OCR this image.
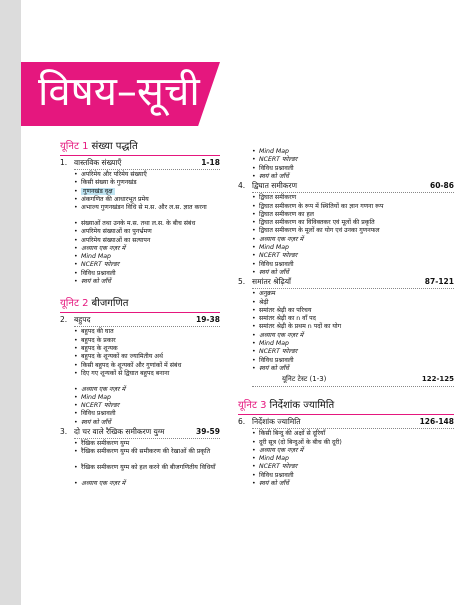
विषय–सूची
यूनिट 1 संख्या पद्धति
1. वास्तविक संख्याएँ	1-18
• अपरिमेय और परिमेय संख्याएँ
• किसी संख्या के गुणनखंड
• गुणनखंड वृक्ष
• अंकगणित की आधारभूत प्रमेय
• अभाज्य गुणनखंडन विधि से म.स. और ल.स. ज्ञात करना
• संख्याओं तथा उनके म.स. तथा ल.स. के बीच संबंध
• अपरिमेय संख्याओं का पुनर्भ्रमण
• अपरिमेय संख्याओं का सत्यापन
• अध्याय एक नज़र में
• Mind Map
• NCERT फोल्डर
• विविध प्रश्नावली
• स्वयं को जाँचें
यूनिट 2 बीजगणित
2. बहुपद	19-38
• बहुपद की घात
• बहुपद के प्रकार
• बहुपद के शून्यक
• बहुपद के शून्यकों का ज्यामितीय अर्थ
• किसी बहुपद के शून्यकों और गुणांकों में संबंध
• दिए गए शून्यकों से द्विघात बहुपद बनाना
• अध्याय एक नज़र में
• Mind Map
• NCERT फोल्डर
• विविध प्रश्नावली
• स्वयं को जाँचें
3. दो चर वाले रैखिक समीकरण युग्म	39-59
• रैखिक समीकरण युग्म
• रैखिक समीकरण युग्म की समीकरण की रेखाओं की प्रकृति
• रैखिक समीकरण युग्म को हल करने की बीजगणितीय विधियाँ
• अध्याय एक नज़र में
• Mind Map
• NCERT फोल्डर
• विविध प्रश्नावली
• स्वयं को जाँचें
4. द्विघात समीकरण	60-86
• द्विघात समीकरण
• द्विघात समीकरण के रूप में स्थितियों का ज्ञान गणना रूप
• द्विघात समीकरण का हल
• द्विघात समीकरण का विविक्तकर एवं मूलों की प्रकृति
• द्विघात समीकरण के मूलों का योग एवं उनका गुणनफल
• अध्याय एक नज़र में
• Mind Map
• NCERT फोल्डर
• विविध प्रश्नावली
• स्वयं को जाँचें
5. समांतर श्रेढ़ियाँ	87-121
• अनुक्रम
• श्रेढ़ी
• समांतर श्रेढ़ी का परिचय
• समांतर श्रेढ़ी का n वाँ पद
• समांतर श्रेढ़ी के प्रथम n पदों का योग
• अध्याय एक नज़र में
• Mind Map
• NCERT फोल्डर
• विविध प्रश्नावली
• स्वयं को जाँचें
यूनिट टेस्ट (1-3)	122-125
यूनिट 3 निर्देशांक ज्यामिति
6. निर्देशांक ज्यामिति	126-148
• किसी बिन्दु की अक्षों से दूरियाँ
• दूरी सूत्र (दो बिन्दुओं के बीच की दूरी)
• अध्याय एक नज़र में
• Mind Map
• NCERT फोल्डर
• विविध प्रश्नावली
• स्वयं को जाँचें
